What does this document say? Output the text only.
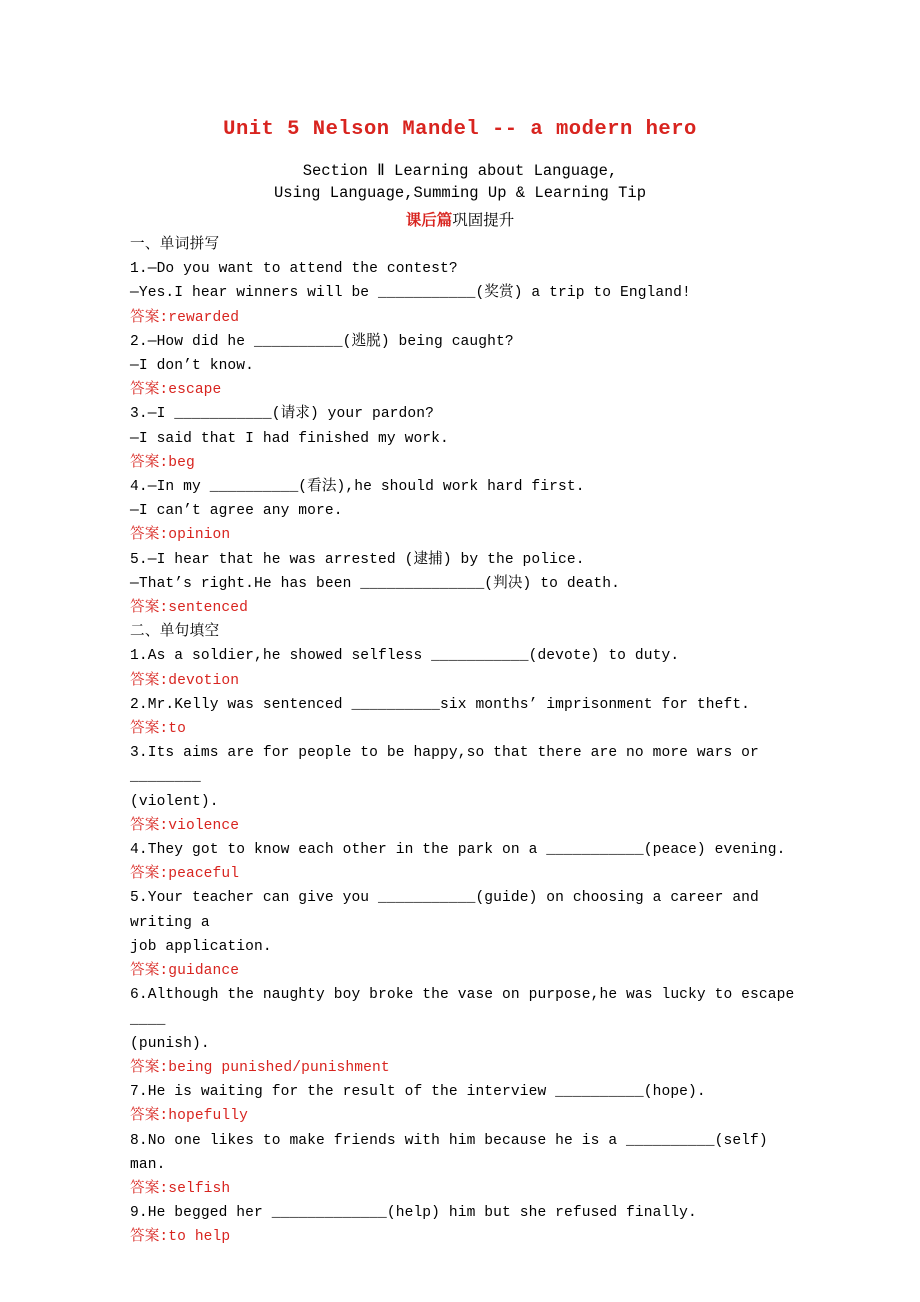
Unit 5 Nelson Mandel -- a modern hero
Section Ⅱ Learning about Language,
Using Language,Summing Up & Learning Tip
课后篇巩固提升
一、单词拼写
1.—Do you want to attend the contest?
—Yes.I hear winners will be ___________(奖赏) a trip to England!
答案:rewarded
2.—How did he __________(逃脱) being caught?
—I don’t know.
答案:escape
3.—I ___________(请求) your pardon?
—I said that I had finished my work.
答案:beg
4.—In my __________(看法),he should work hard first.
—I can’t agree any more.
答案:opinion
5.—I hear that he was arrested (逮捕) by the police.
—That’s right.He has been ______________(判决) to death.
答案:sentenced
二、单句填空
1.As a soldier,he showed selfless ___________(devote) to duty.
答案:devotion
2.Mr.Kelly was sentenced __________six months’ imprisonment for theft.
答案:to
3.Its aims are for people to be happy,so that there are no more wars or ________
(violent).
答案:violence
4.They got to know each other in the park on a ___________(peace) evening.
答案:peaceful
5.Your teacher can give you ___________(guide) on choosing a career and writing a
job application.
答案:guidance
6.Although the naughty boy broke the vase on purpose,he was lucky to escape ____
(punish).
答案:being punished/punishment
7.He is waiting for the result of the interview __________(hope).
答案:hopefully
8.No one likes to make friends with him because he is a __________(self) man.
答案:selfish
9.He begged her _____________(help) him but she refused finally.
答案:to help
